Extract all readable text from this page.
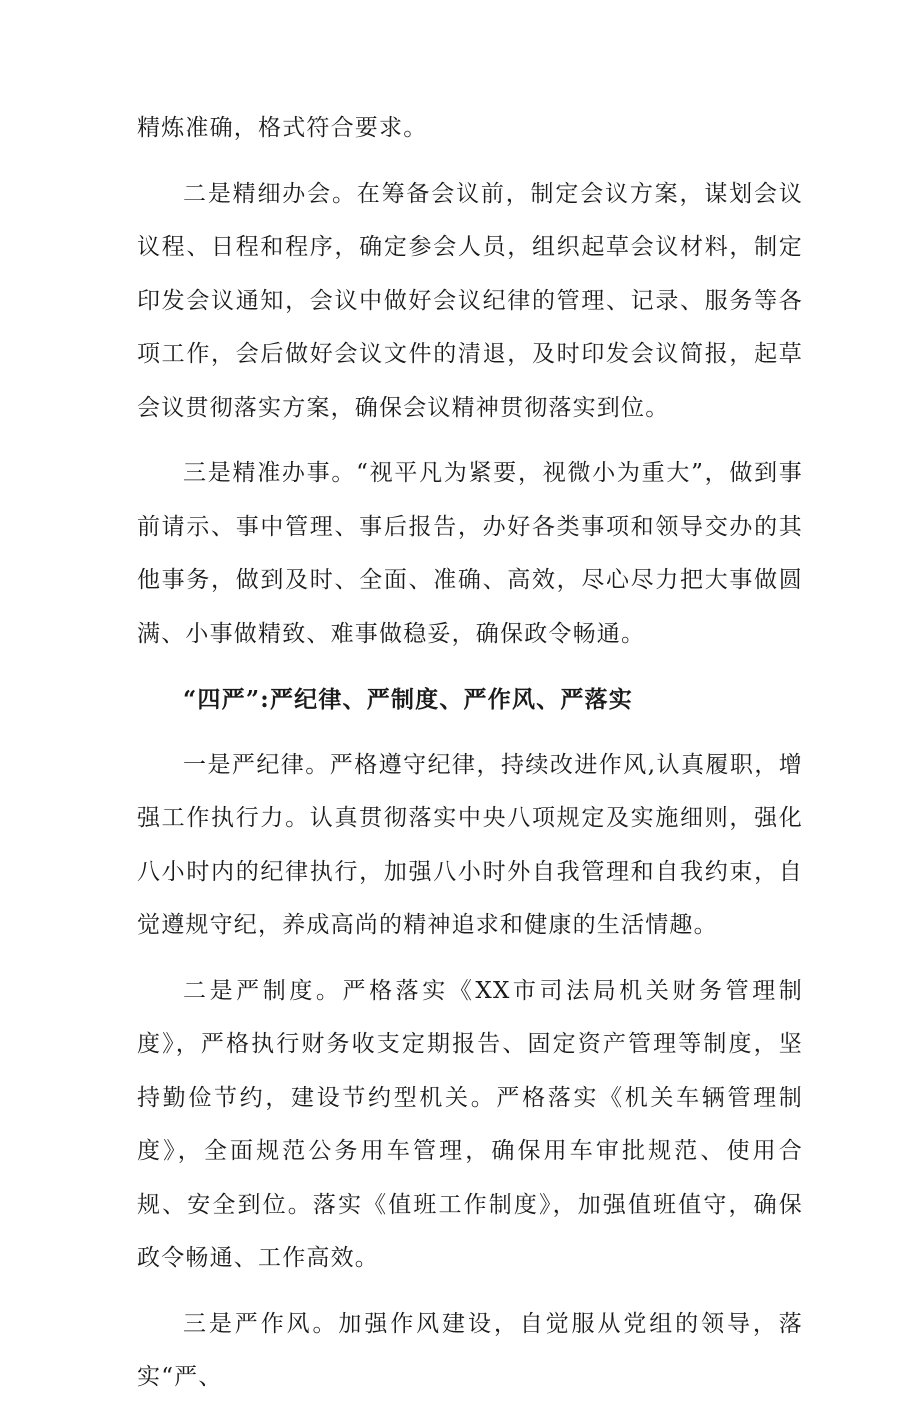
精炼准确，格式符合要求。

二是精细办会。在筹备会议前，制定会议方案，谋划会议议程、日程和程序，确定参会人员，组织起草会议材料，制定印发会议通知，会议中做好会议纪律的管理、记录、服务等各项工作，会后做好会议文件的清退，及时印发会议简报，起草会议贯彻落实方案，确保会议精神贯彻落实到位。

三是精准办事。“视平凡为紧要，视微小为重大”，做到事前请示、事中管理、事后报告，办好各类事项和领导交办的其他事务，做到及时、全面、准确、高效，尽心尽力把大事做圆满、小事做精致、难事做稳妥，确保政令畅通。

“四严”:严纪律、严制度、严作风、严落实

一是严纪律。严格遵守纪律，持续改进作风,认真履职，增强工作执行力。认真贯彻落实中央八项规定及实施细则，强化八小时内的纪律执行，加强八小时外自我管理和自我约束，自觉遵规守纪，养成高尚的精神追求和健康的生活情趣。

二是严制度。严格落实《XX市司法局机关财务管理制度》，严格执行财务收支定期报告、固定资产管理等制度，坚持勤俭节约，建设节约型机关。严格落实《机关车辆管理制度》，全面规范公务用车管理，确保用车审批规范、使用合规、安全到位。落实《值班工作制度》，加强值班值守，确保政令畅通、工作高效。

三是严作风。加强作风建设，自觉服从党组的领导，落实“严、
